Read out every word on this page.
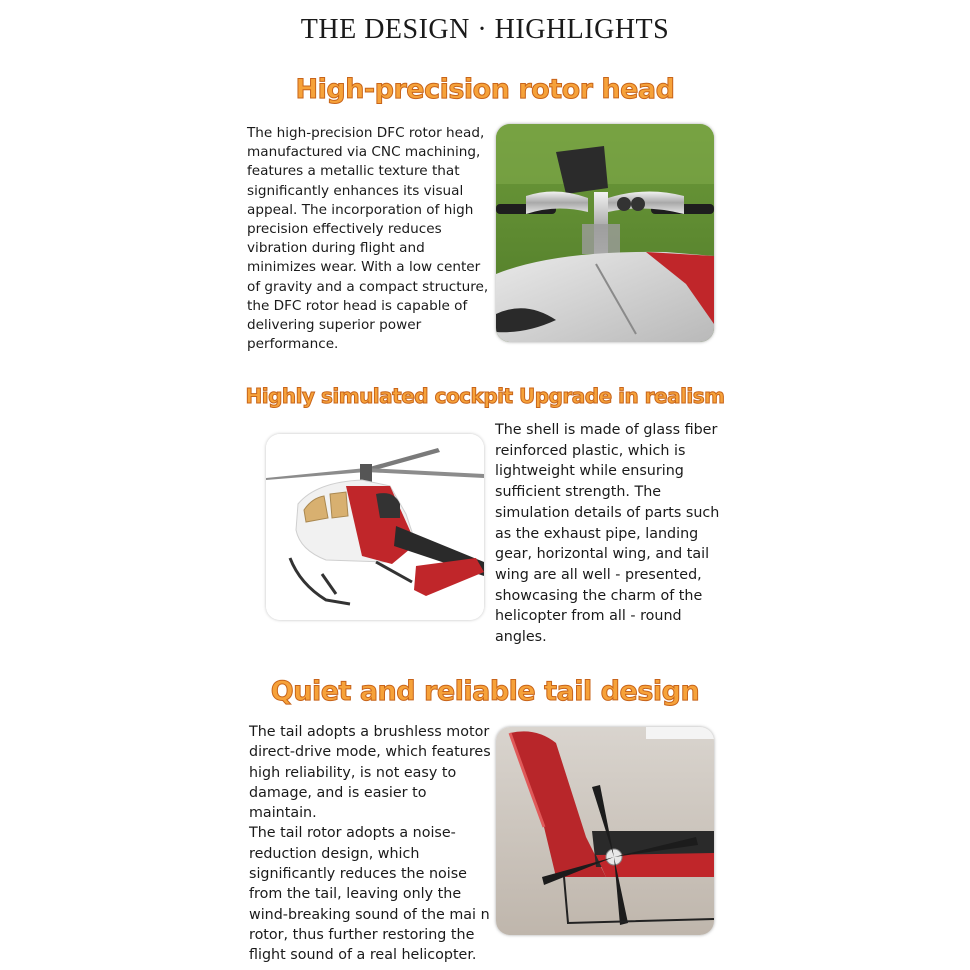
THE DESIGN · HIGHLIGHTS
High-precision rotor head

The high-precision DFC rotor head, manufactured via CNC machining, features a metallic texture that significantly enhances its visual appeal. The incorporation of high precision effectively reduces vibration during flight and minimizes wear. With a low center of gravity and a compact structure, the DFC rotor head is capable of delivering superior power performance.

Highly simulated cockpit Upgrade in realism

The shell is made of glass fiber reinforced plastic, which is lightweight while ensuring sufficient strength. The simulation details of parts such as the exhaust pipe, landing gear, horizontal wing, and tail wing are all well - presented, showcasing the charm of the helicopter from all - round angles.

Quiet and reliable tail design

The tail adopts a brushless motor direct-drive mode, which features high reliability, is not easy to damage, and is easier to maintain.
The tail rotor adopts a noise-reduction design, which significantly reduces the noise from the tail, leaving only the wind-breaking sound of the mai n rotor, thus further restoring the flight sound of a real helicopter.
